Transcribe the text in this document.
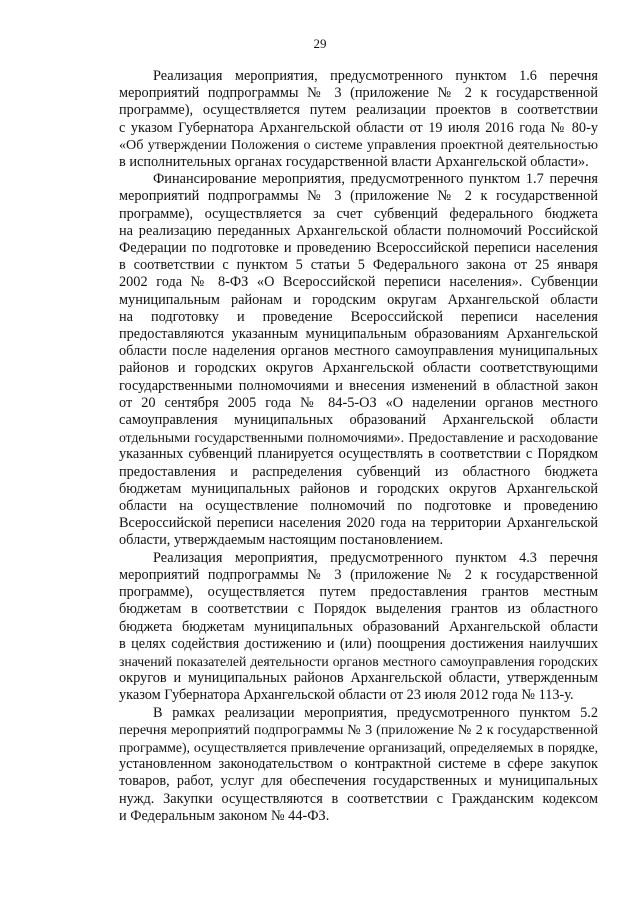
29

Реализация мероприятия, предусмотренного пунктом 1.6 перечня
мероприятий подпрограммы № 3 (приложение № 2 к государственной
программе), осуществляется путем реализации проектов в соответствии
с указом Губернатора Архангельской области от 19 июля 2016 года № 80-у
«Об утверждении Положения о системе управления проектной деятельностью
в исполнительных органах государственной власти Архангельской области».

Финансирование мероприятия, предусмотренного пунктом 1.7 перечня
мероприятий подпрограммы № 3 (приложение № 2 к государственной
программе), осуществляется за счет субвенций федерального бюджета
на реализацию переданных Архангельской области полномочий Российской
Федерации по подготовке и проведению Всероссийской переписи населения
в соответствии с пунктом 5 статьи 5 Федерального закона от 25 января
2002 года № 8-ФЗ «О Всероссийской переписи населения». Субвенции
муниципальным районам и городским округам Архангельской области
на подготовку и проведение Всероссийской переписи населения
предоставляются указанным муниципальным образованиям Архангельской
области после наделения органов местного самоуправления муниципальных
районов и городских округов Архангельской области соответствующими
государственными полномочиями и внесения изменений в областной закон
от 20 сентября 2005 года № 84-5-ОЗ «О наделении органов местного
самоуправления муниципальных образований Архангельской области
отдельными государственными полномочиями». Предоставление и расходование
указанных субвенций планируется осуществлять в соответствии с Порядком
предоставления и распределения субвенций из областного бюджета
бюджетам муниципальных районов и городских округов Архангельской
области на осуществление полномочий по подготовке и проведению
Всероссийской переписи населения 2020 года на территории Архангельской
области, утверждаемым настоящим постановлением.

Реализация мероприятия, предусмотренного пунктом 4.3 перечня
мероприятий подпрограммы № 3 (приложение № 2 к государственной
программе), осуществляется путем предоставления грантов местным
бюджетам в соответствии с Порядок выделения грантов из областного
бюджета бюджетам муниципальных образований Архангельской области
в целях содействия достижению и (или) поощрения достижения наилучших
значений показателей деятельности органов местного самоуправления городских
округов и муниципальных районов Архангельской области, утвержденным
указом Губернатора Архангельской области от 23 июля 2012 года № 113-у.

В рамках реализации мероприятия, предусмотренного пунктом 5.2
перечня мероприятий подпрограммы № 3 (приложение № 2 к государственной
программе), осуществляется привлечение организаций, определяемых в порядке,
установленном законодательством о контрактной системе в сфере закупок
товаров, работ, услуг для обеспечения государственных и муниципальных
нужд. Закупки осуществляются в соответствии с Гражданским кодексом
и Федеральным законом № 44-ФЗ.
